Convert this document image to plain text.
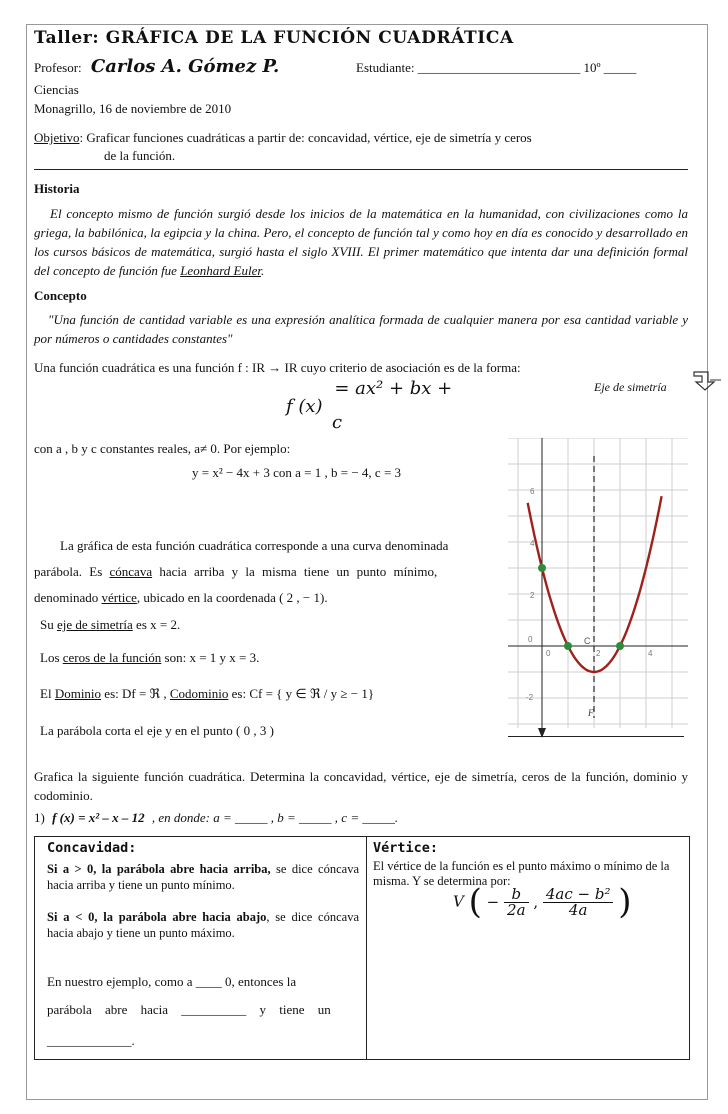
Taller: GRÁFICA DE LA FUNCIÓN CUADRÁTICA
Profesor: Carlos A. Gómez P.	Estudiante: _________________________ 10º _____
Ciencias
Monagrillo, 16 de noviembre de 2010
Objetivo: Graficar funciones cuadráticas a partir de: concavidad, vértice, eje de simetría y ceros
de la función.
Historia
El concepto mismo de función surgió desde los inicios de la matemática en la humanidad, con civilizaciones como la griega, la babilónica, la egipcia y la china. Pero, el concepto de función tal y como hoy en día es conocido y desarrollado en los cursos básicos de matemática, surgió hasta el siglo XVIII. El primer matemático que intenta dar una definición formal del concepto de función fue Leonhard Euler.
Concepto
"Una función de cantidad variable es una expresión analítica formada de cualquier manera por esa cantidad variable y por números o cantidades constantes"
Una función cuadrática es una función f : IR → IR cuyo criterio de asociación es de la forma:
Eje de simetría
f (x) = ax² + bx +
c
con a , b y c constantes reales, a≠ 0. Por ejemplo:
y = x² − 4x + 3 con a = 1 , b = − 4, c = 3
La gráfica de esta función cuadrática corresponde a una curva denominada
parábola. Es cóncava hacia arriba y la misma tiene un punto mínimo,
denominado vértice, ubicado en la coordenada ( 2 , − 1).
Su eje de simetría es x = 2.
Los ceros de la función son: x = 1 y x = 3.
El Dominio es: Df = ℜ , Codominio es: Cf = { y ∈ ℜ / y ≥ − 1}
La parábola corta el eje y en el punto ( 0 , 3 )
6
4
2
0
-2
0	2	4
C
F
Grafica la siguiente función cuadrática. Determina la concavidad, vértice, eje de simetría, ceros de la función, dominio y codominio.
1) f (x) = x² – x – 12 , en donde: a = _____ , b = _____ , c = _____.
Concavidad:
Si a > 0, la parábola abre hacia arriba, se dice cóncava hacia arriba y tiene un punto mínimo.
Si a < 0, la parábola abre hacia abajo, se dice cóncava hacia abajo y tiene un punto máximo.
En nuestro ejemplo, como a ____ 0, entonces la
parábola abre hacia __________ y tiene un
_____________.
Vértice:
El vértice de la función es el punto máximo o mínimo de la misma. Y se determina por:
V ( − $\frac{b}{2a}$ , $\frac{\text{4ac − b²}}{4a}$ )
